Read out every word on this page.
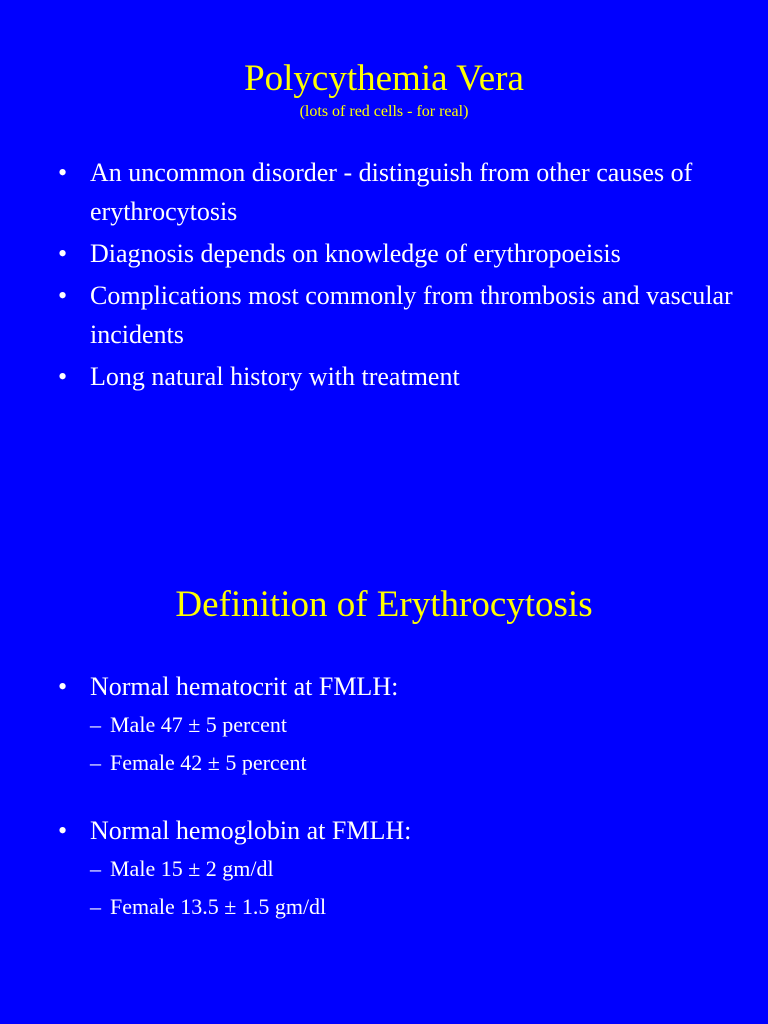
Polycythemia Vera

(lots of red cells - for real)

• An uncommon disorder - distinguish from other causes of erythrocytosis
• Diagnosis depends on knowledge of erythropoeisis
• Complications most commonly from thrombosis and vascular incidents
• Long natural history with treatment
Definition of Erythrocytosis
• Normal hematocrit at FMLH:
– Male 47 ± 5 percent
– Female 42 ± 5 percent
• Normal hemoglobin at FMLH:
– Male 15 ± 2 gm/dl
– Female 13.5 ± 1.5 gm/dl
